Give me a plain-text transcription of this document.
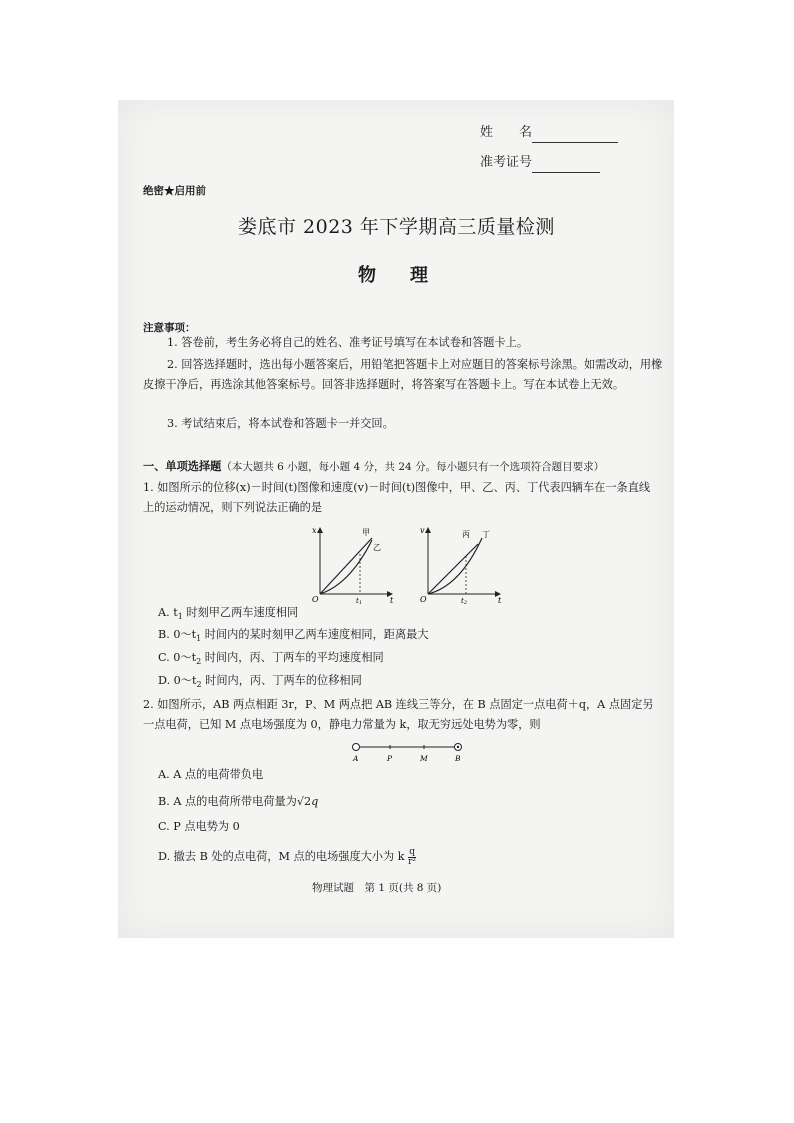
姓　　名
准考证号
绝密★启用前
娄底市 2023 年下学期高三质量检测
物理
注意事项：
1. 答卷前，考生务必将自己的姓名、准考证号填写在本试卷和答题卡上。
2. 回答选择题时，选出每小题答案后，用铅笔把答题卡上对应题目的答案标号涂黑。如需改动，用橡皮擦干净后，再选涂其他答案标号。回答非选择题时，将答案写在答题卡上。写在本试卷上无效。
3. 考试结束后，将本试卷和答题卡一并交回。
一、单项选择题（本大题共 6 小题，每小题 4 分，共 24 分。每小题只有一个选项符合题目要求）
1. 如图所示的位移(x)－时间(t)图像和速度(v)－时间(t)图像中，甲、乙、丙、丁代表四辆车在一条直线上的运动情况，则下列说法正确的是
x
t
O	t1
甲
乙
v
t
O	t2
丙 丁
A. $t_1$ 时刻甲乙两车速度相同
B. $0\sim t_1$ 时间内的某时刻甲乙两车速度相同，距离最大
C. $0\sim t_2$ 时间内，丙、丁两车的平均速度相同
D. $0\sim t_2$ 时间内，丙、丁两车的位移相同
2. 如图所示，AB 两点相距 3r，P、M 两点把 AB 连线三等分，在 B 点固定一点电荷＋q，A 点固定另一点电荷，已知 M 点电场强度为 0，静电力常量为 k，取无穷远处电势为零，则
A	P	M	B
A. A 点的电荷带负电
B. A 点的电荷所带电荷量为√2q
C. P 点电势为 0
D. 撤去 B 处的点电荷，M 点的电场强度大小为 k $\frac{q}{\text{r²}}$
物理试题　第 1 页(共 8 页)
